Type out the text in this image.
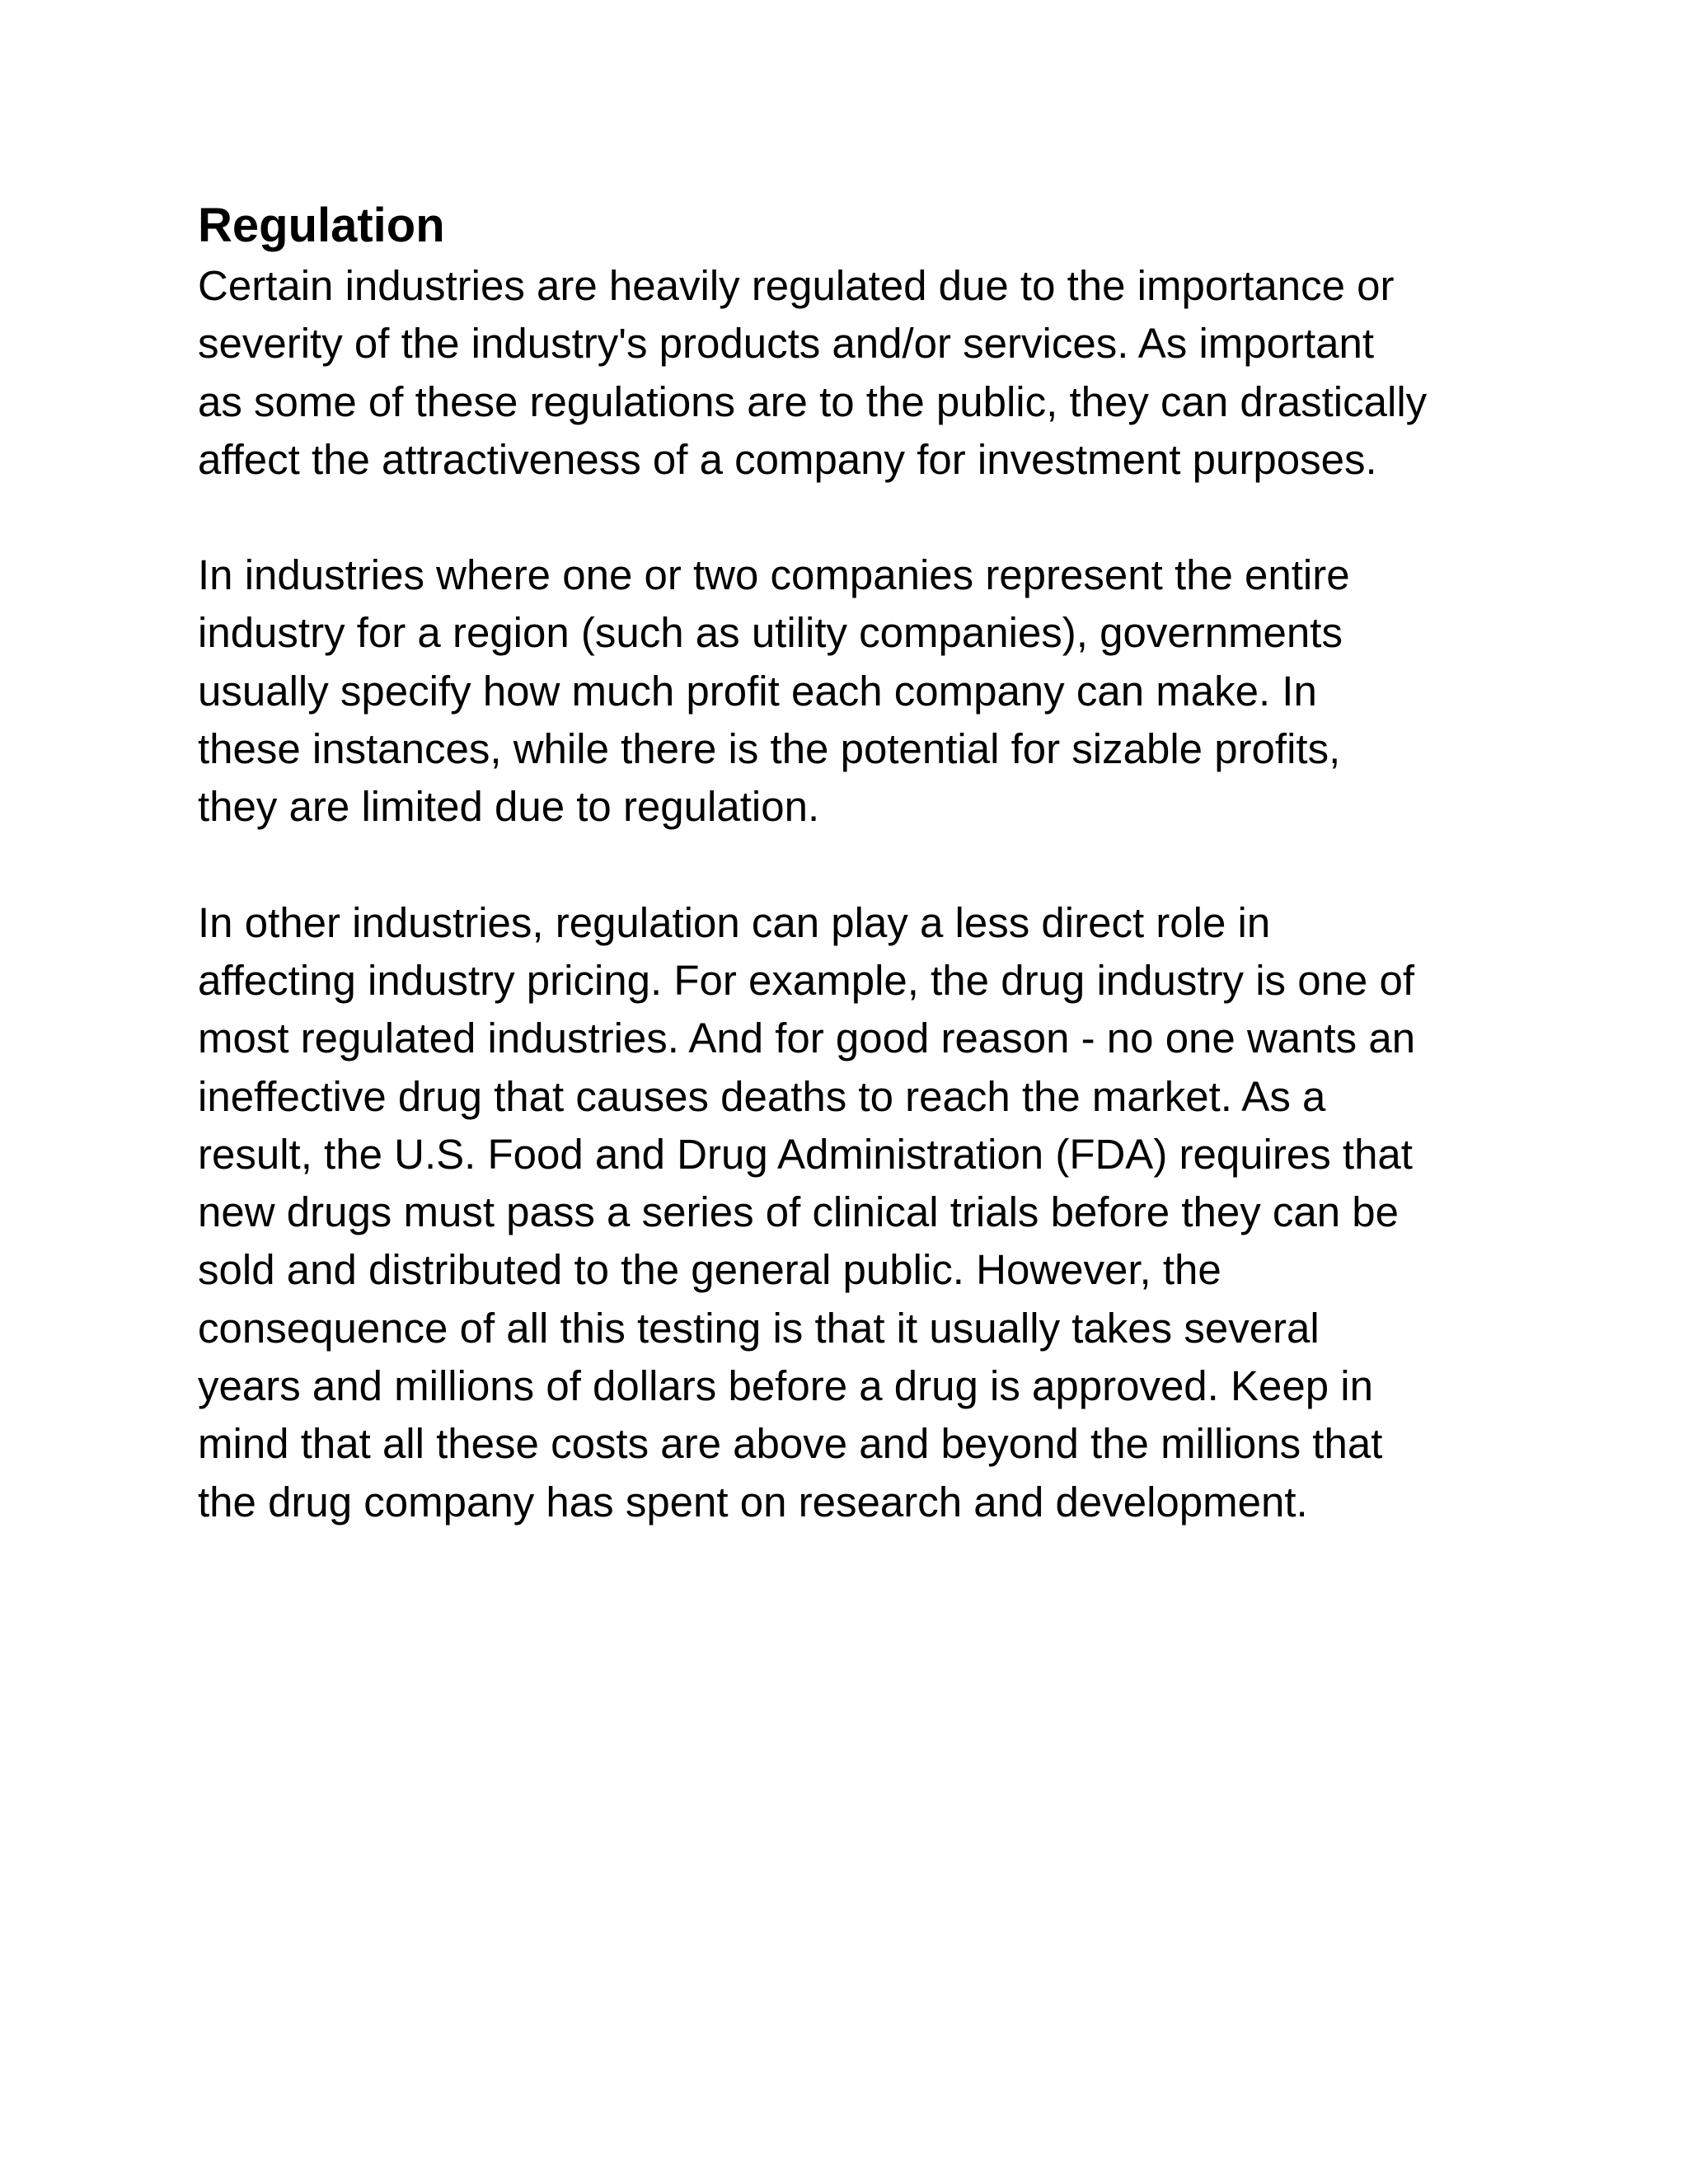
Regulation

Certain industries are heavily regulated due to the importance or
severity of the industry's products and/or services. As important
as some of these regulations are to the public, they can drastically
affect the attractiveness of a company for investment purposes.

In industries where one or two companies represent the entire
industry for a region (such as utility companies), governments
usually specify how much profit each company can make. In
these instances, while there is the potential for sizable profits,
they are limited due to regulation.

In other industries, regulation can play a less direct role in
affecting industry pricing. For example, the drug industry is one of
most regulated industries. And for good reason - no one wants an
ineffective drug that causes deaths to reach the market. As a
result, the U.S. Food and Drug Administration (FDA) requires that
new drugs must pass a series of clinical trials before they can be
sold and distributed to the general public. However, the
consequence of all this testing is that it usually takes several
years and millions of dollars before a drug is approved. Keep in
mind that all these costs are above and beyond the millions that
the drug company has spent on research and development.
